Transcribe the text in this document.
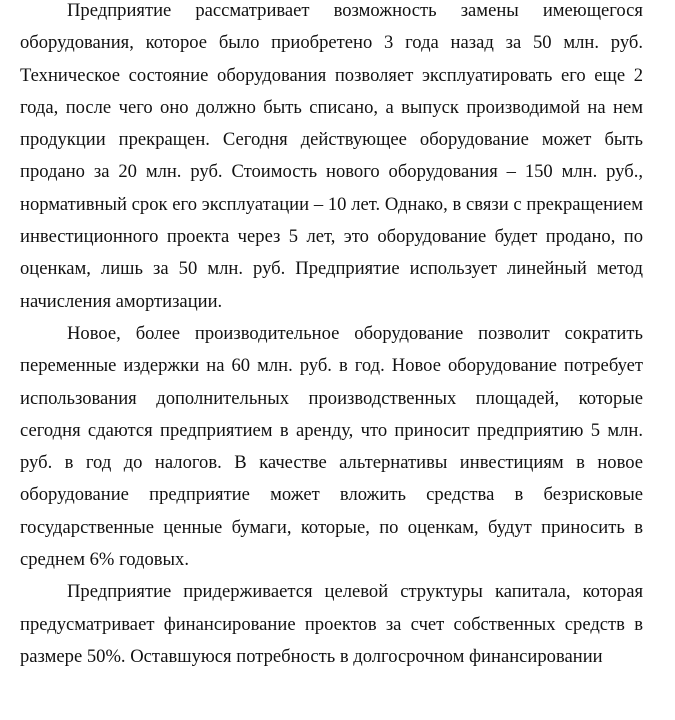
Предприятие рассматривает возможность замены имеющегося оборудования, которое было приобретено 3 года назад за 50 млн. руб. Техническое состояние оборудования позволяет эксплуатировать его еще 2 года, после чего оно должно быть списано, а выпуск производимой на нем продукции прекращен. Сегодня действующее оборудование может быть продано за 20 млн. руб. Стоимость нового оборудования – 150 млн. руб., нормативный срок его эксплуатации – 10 лет. Однако, в связи с прекращением инвестиционного проекта через 5 лет, это оборудование будет продано, по оценкам, лишь за 50 млн. руб. Предприятие использует линейный метод начисления амортизации.

Новое, более производительное оборудование позволит сократить переменные издержки на 60 млн. руб. в год. Новое оборудование потребует использования дополнительных производственных площадей, которые сегодня сдаются предприятием в аренду, что приносит предприятию 5 млн. руб. в год до налогов. В качестве альтернативы инвестициям в новое оборудование предприятие может вложить средства в безрисковые государственные ценные бумаги, которые, по оценкам, будут приносить в среднем 6% годовых.

Предприятие придерживается целевой структуры капитала, которая предусматривает финансирование проектов за счет собственных средств в размере 50%. Оставшуюся потребность в долгосрочном финансировании
